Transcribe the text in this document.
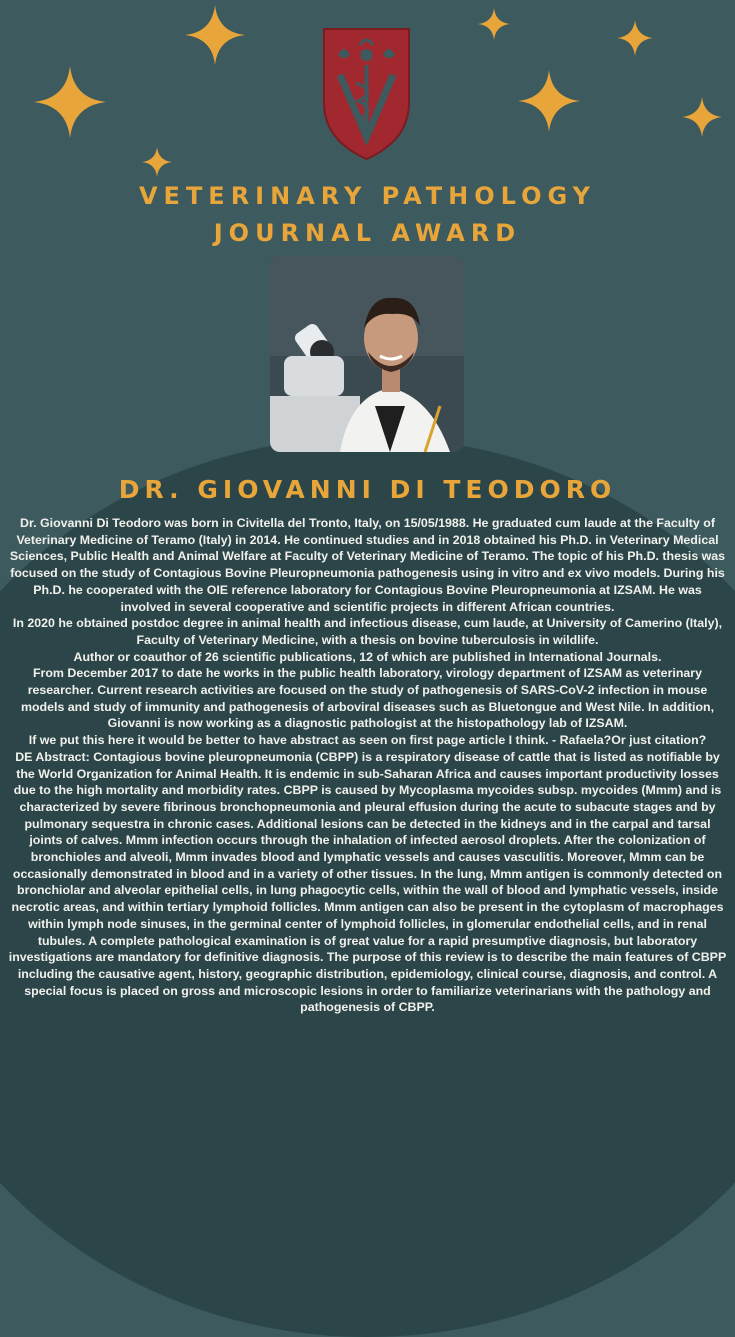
VETERINARY PATHOLOGY
JOURNAL AWARD
DR. GIOVANNI DI TEODORO

Dr. Giovanni Di Teodoro was born in Civitella del Tronto, Italy, on 15/05/1988. He graduated cum laude at the Faculty of Veterinary Medicine of Teramo (Italy) in 2014. He continued studies and in 2018 obtained his Ph.D. in Veterinary Medical Sciences, Public Health and Animal Welfare at Faculty of Veterinary Medicine of Teramo. The topic of his Ph.D. thesis was focused on the study of Contagious Bovine Pleuropneumonia pathogenesis using in vitro and ex vivo models. During his Ph.D. he cooperated with the OIE reference laboratory for Contagious Bovine Pleuropneumonia at IZSAM. He was involved in several cooperative and scientific projects in different African countries.

In 2020 he obtained postdoc degree in animal health and infectious disease, cum laude, at University of Camerino (Italy), Faculty of Veterinary Medicine, with a thesis on bovine tuberculosis in wildlife.

Author or coauthor of 26 scientific publications, 12 of which are published in International Journals.

From December 2017 to date he works in the public health laboratory, virology department of IZSAM as veterinary researcher. Current research activities are focused on the study of pathogenesis of SARS-CoV-2 infection in mouse models and study of immunity and pathogenesis of arboviral diseases such as Bluetongue and West Nile. In addition, Giovanni is now working as a diagnostic pathologist at the histopathology lab of IZSAM.

If we put this here it would be better to have abstract as seen on first page article I think. - Rafaela?Or just citation?

DE Abstract: Contagious bovine pleuropneumonia (CBPP) is a respiratory disease of cattle that is listed as notifiable by the World Organization for Animal Health. It is endemic in sub-Saharan Africa and causes important productivity losses due to the high mortality and morbidity rates. CBPP is caused by Mycoplasma mycoides subsp. mycoides (Mmm) and is characterized by severe fibrinous bronchopneumonia and pleural effusion during the acute to subacute stages and by pulmonary sequestra in chronic cases. Additional lesions can be detected in the kidneys and in the carpal and tarsal joints of calves. Mmm infection occurs through the inhalation of infected aerosol droplets. After the colonization of bronchioles and alveoli, Mmm invades blood and lymphatic vessels and causes vasculitis. Moreover, Mmm can be occasionally demonstrated in blood and in a variety of other tissues. In the lung, Mmm antigen is commonly detected on bronchiolar and alveolar epithelial cells, in lung phagocytic cells, within the wall of blood and lymphatic vessels, inside necrotic areas, and within tertiary lymphoid follicles. Mmm antigen can also be present in the cytoplasm of macrophages within lymph node sinuses, in the germinal center of lymphoid follicles, in glomerular endothelial cells, and in renal tubules. A complete pathological examination is of great value for a rapid presumptive diagnosis, but laboratory investigations are mandatory for definitive diagnosis. The purpose of this review is to describe the main features of CBPP including the causative agent, history, geographic distribution, epidemiology, clinical course, diagnosis, and control. A special focus is placed on gross and microscopic lesions in order to familiarize veterinarians with the pathology and pathogenesis of CBPP.
